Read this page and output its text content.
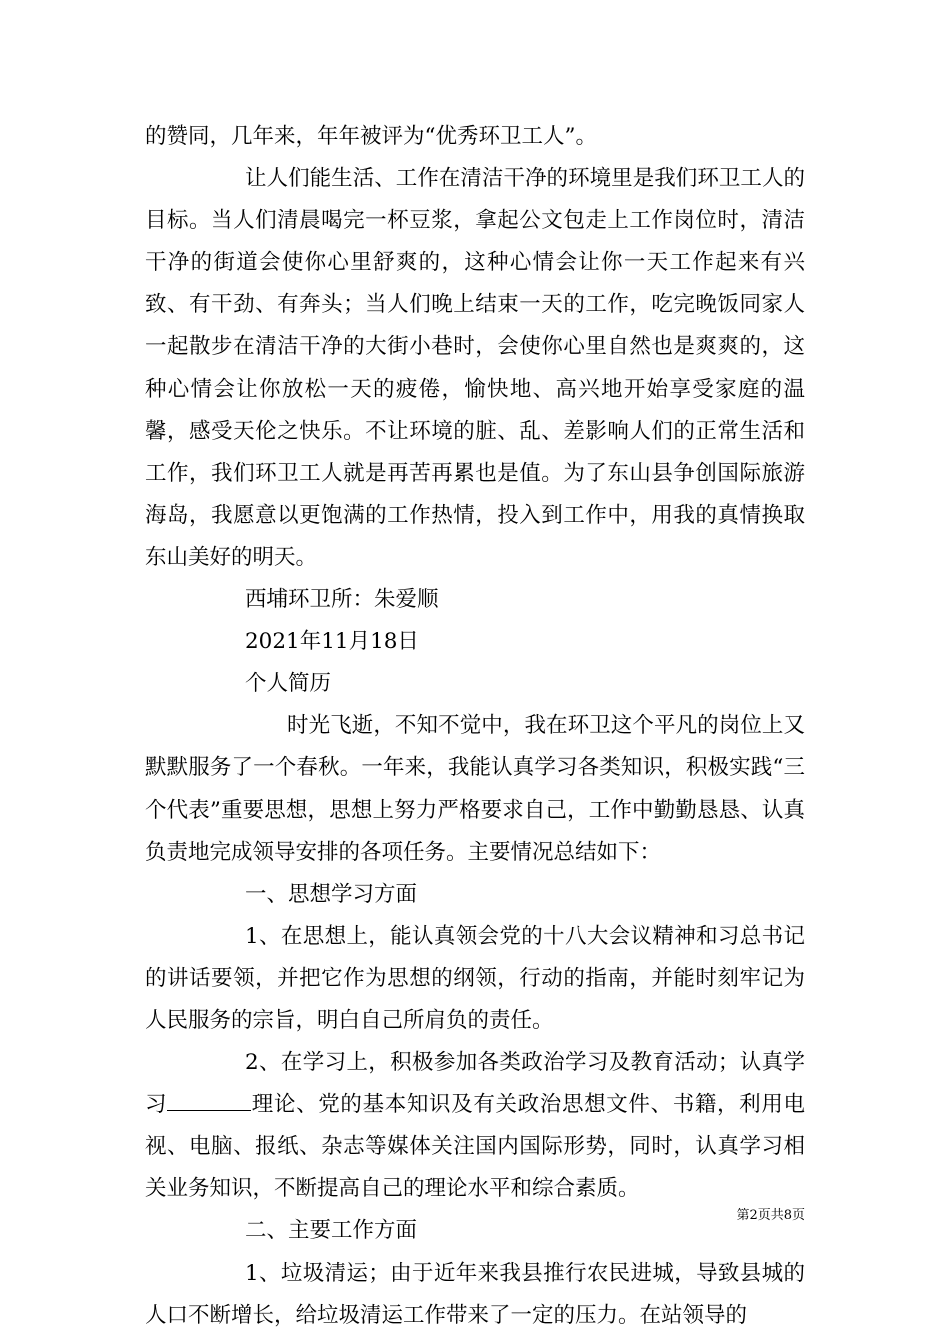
的赞同，几年来，年年被评为“优秀环卫工人”。

让人们能生活、工作在清洁干净的环境里是我们环卫工人的目标。当人们清晨喝完一杯豆浆，拿起公文包走上工作岗位时，清洁干净的街道会使你心里舒爽的，这种心情会让你一天工作起来有兴致、有干劲、有奔头；当人们晚上结束一天的工作，吃完晚饭同家人一起散步在清洁干净的大街小巷时，会使你心里自然也是爽爽的，这种心情会让你放松一天的疲倦，愉快地、高兴地开始享受家庭的温馨，感受天伦之快乐。不让环境的脏、乱、差影响人们的正常生活和工作，我们环卫工人就是再苦再累也是值。为了东山县争创国际旅游海岛，我愿意以更饱满的工作热情，投入到工作中，用我的真情换取东山美好的明天。

西埔环卫所：朱爱顺

2021年11月18日

个人简历

时光飞逝，不知不觉中，我在环卫这个平凡的岗位上又默默服务了一个春秋。一年来，我能认真学习各类知识，积极实践“三个代表”重要思想，思想上努力严格要求自己，工作中勤勤恳恳、认真负责地完成领导安排的各项任务。主要情况总结如下：

一、思想学习方面

1、在思想上，能认真领会党的十八大会议精神和习总书记的讲话要领，并把它作为思想的纲领，行动的指南，并能时刻牢记为人民服务的宗旨，明白自己所肩负的责任。

2、在学习上，积极参加各类政治学习及教育活动；认真学习	理论、党的基本知识及有关政治思想文件、书籍，利用电视、电脑、报纸、杂志等媒体关注国内国际形势，同时，认真学习相关业务知识，不断提高自己的理论水平和综合素质。

二、主要工作方面

1、垃圾清运；由于近年来我县推行农民进城，导致县城的人口不断增长，给垃圾清运工作带来了一定的压力。在站领导的

第2页共8页
